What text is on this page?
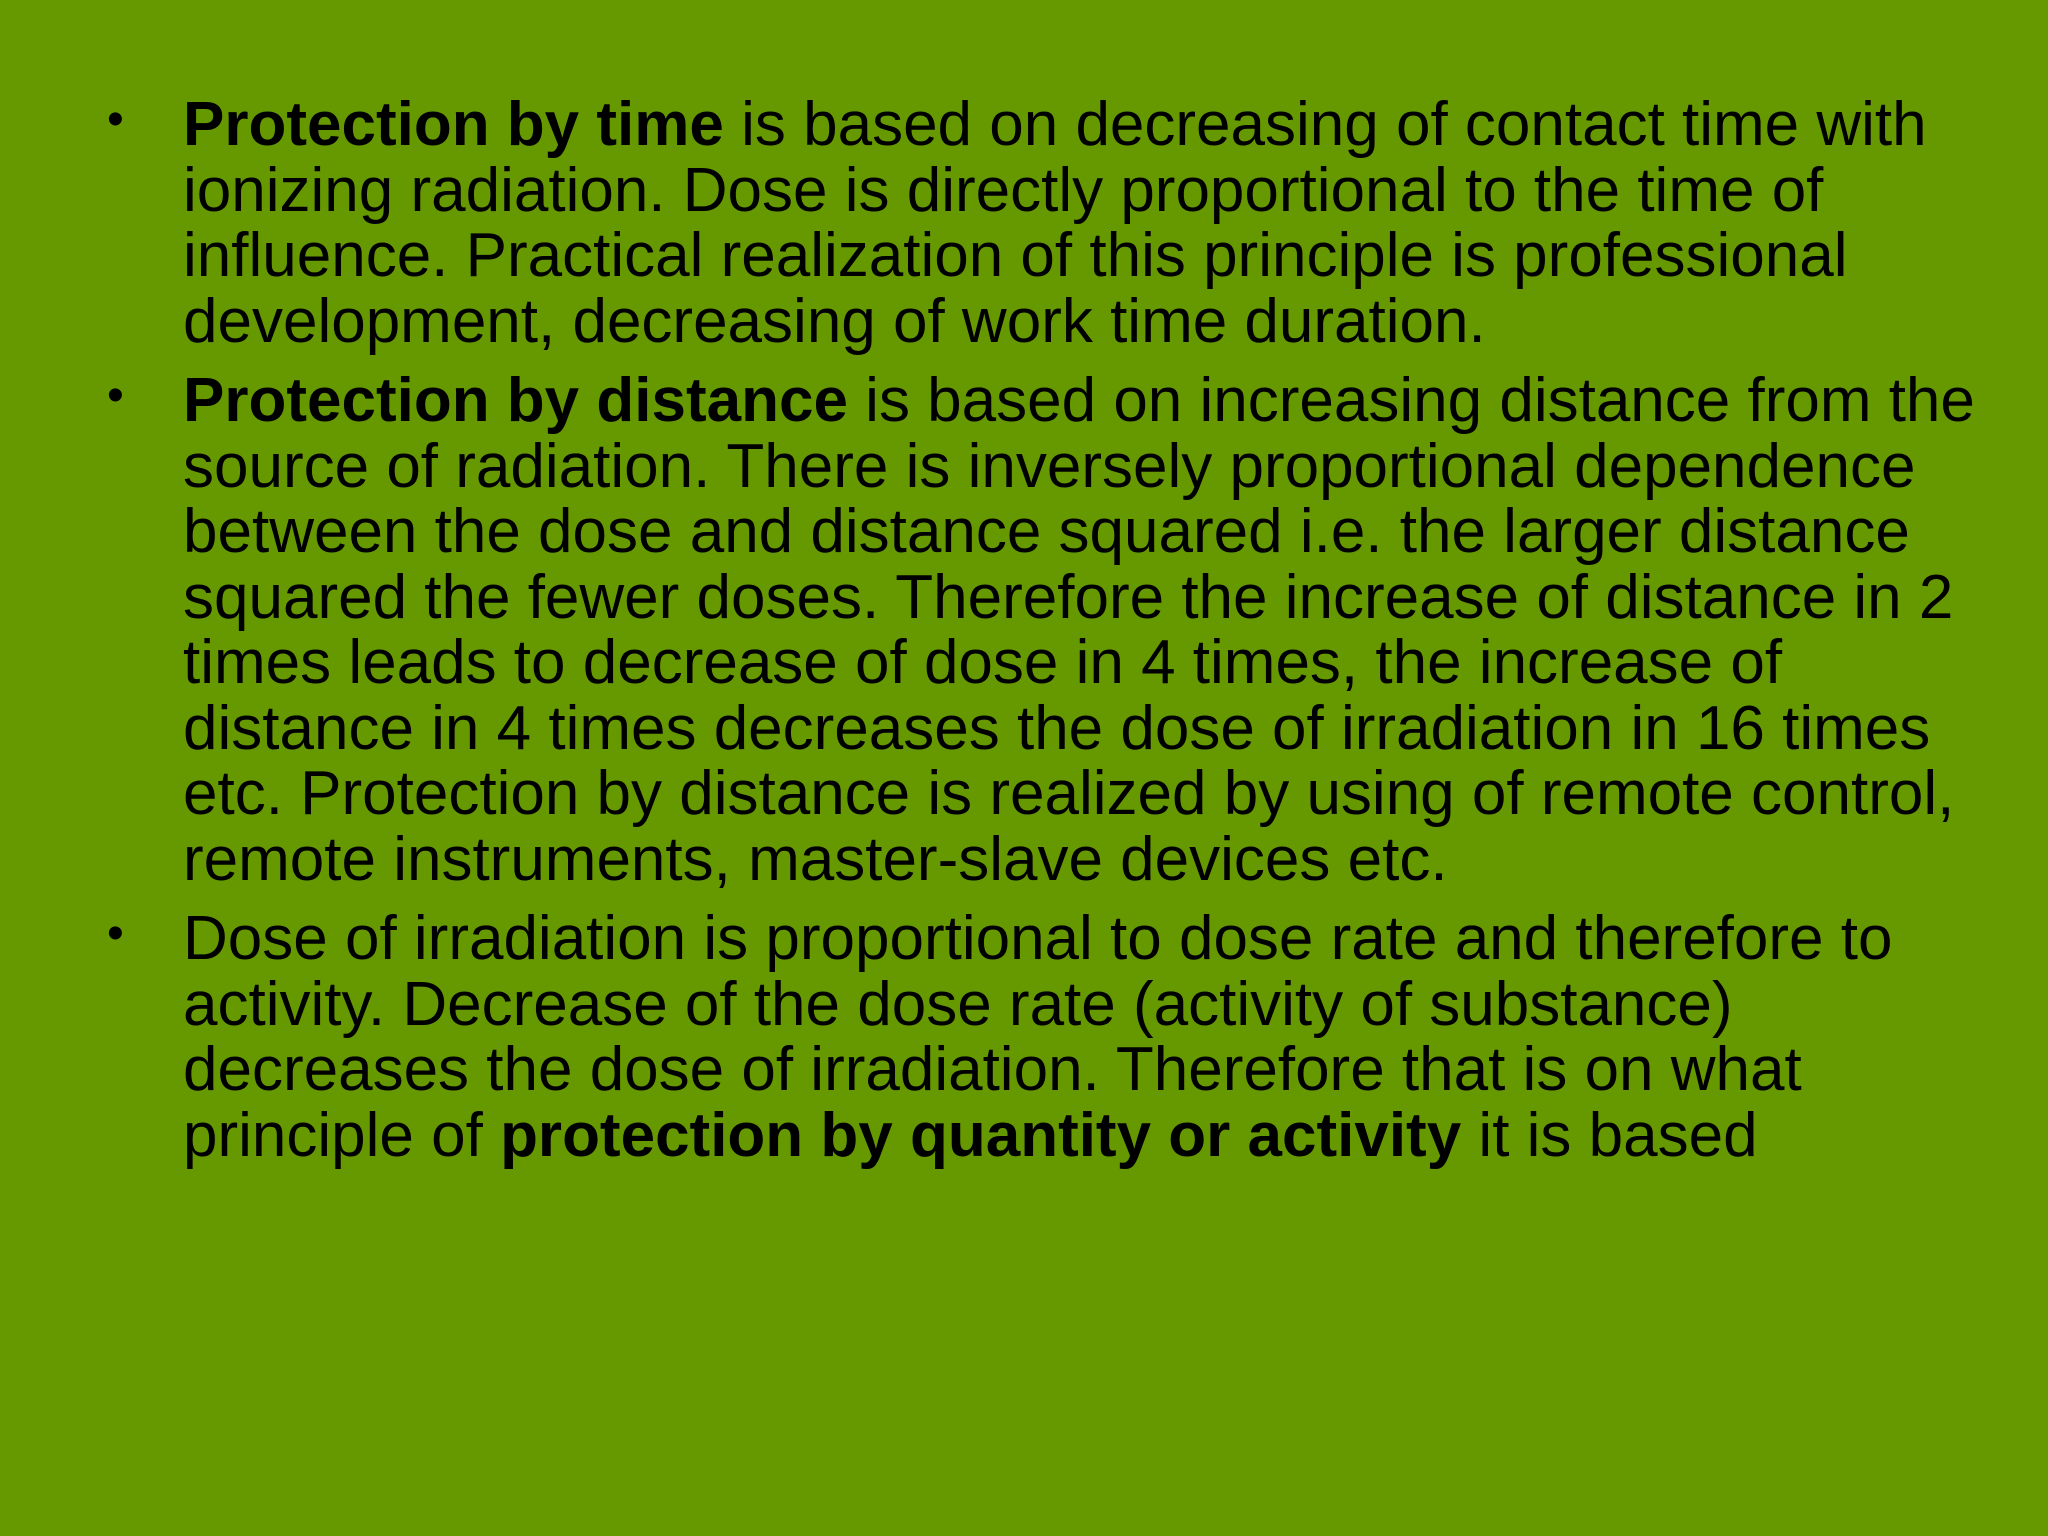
• Protection by time is based on decreasing of contact time with ionizing radiation. Dose is directly proportional to the time of influence. Practical realization of this principle is professional development, decreasing of work time duration.
• Protection by distance is based on increasing distance from the source of radiation. There is inversely proportional dependence between the dose and distance squared i.e. the larger distance squared the fewer doses. Therefore the increase of distance in 2 times leads to decrease of dose in 4 times, the increase of distance in 4 times decreases the dose of irradiation in 16 times etc. Protection by distance is realized by using of remote control, remote instruments, master-slave devices etc.
• Dose of irradiation is proportional to dose rate and therefore to activity. Decrease of the dose rate (activity of substance) decreases the dose of irradiation. Therefore that is on what principle of protection by quantity or activity it is based
